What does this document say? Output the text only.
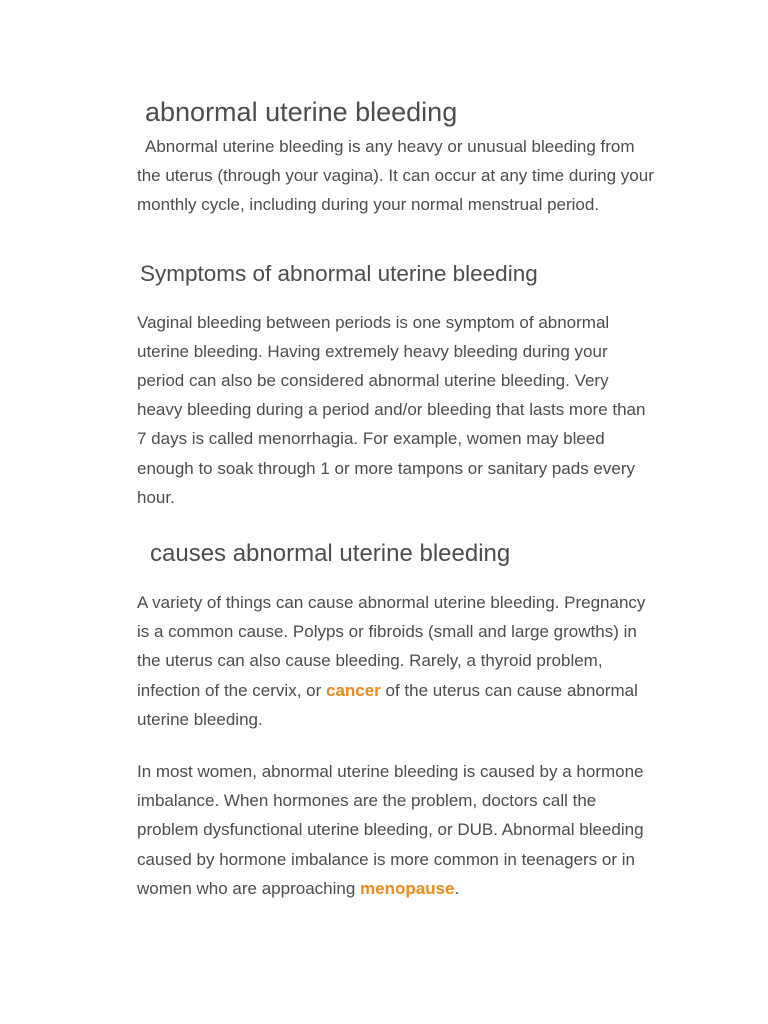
abnormal uterine bleeding

Abnormal uterine bleeding is any heavy or unusual bleeding from the uterus (through your vagina). It can occur at any time during your monthly cycle, including during your normal menstrual period.

Symptoms of abnormal uterine bleeding

Vaginal bleeding between periods is one symptom of abnormal uterine bleeding. Having extremely heavy bleeding during your period can also be considered abnormal uterine bleeding. Very heavy bleeding during a period and/or bleeding that lasts more than 7 days is called menorrhagia. For example, women may bleed enough to soak through 1 or more tampons or sanitary pads every hour.

causes abnormal uterine bleeding

A variety of things can cause abnormal uterine bleeding. Pregnancy is a common cause. Polyps or fibroids (small and large growths) in the uterus can also cause bleeding. Rarely, a thyroid problem, infection of the cervix, or cancer of the uterus can cause abnormal uterine bleeding.

In most women, abnormal uterine bleeding is caused by a hormone imbalance. When hormones are the problem, doctors call the problem dysfunctional uterine bleeding, or DUB. Abnormal bleeding caused by hormone imbalance is more common in teenagers or in women who are approaching menopause.
